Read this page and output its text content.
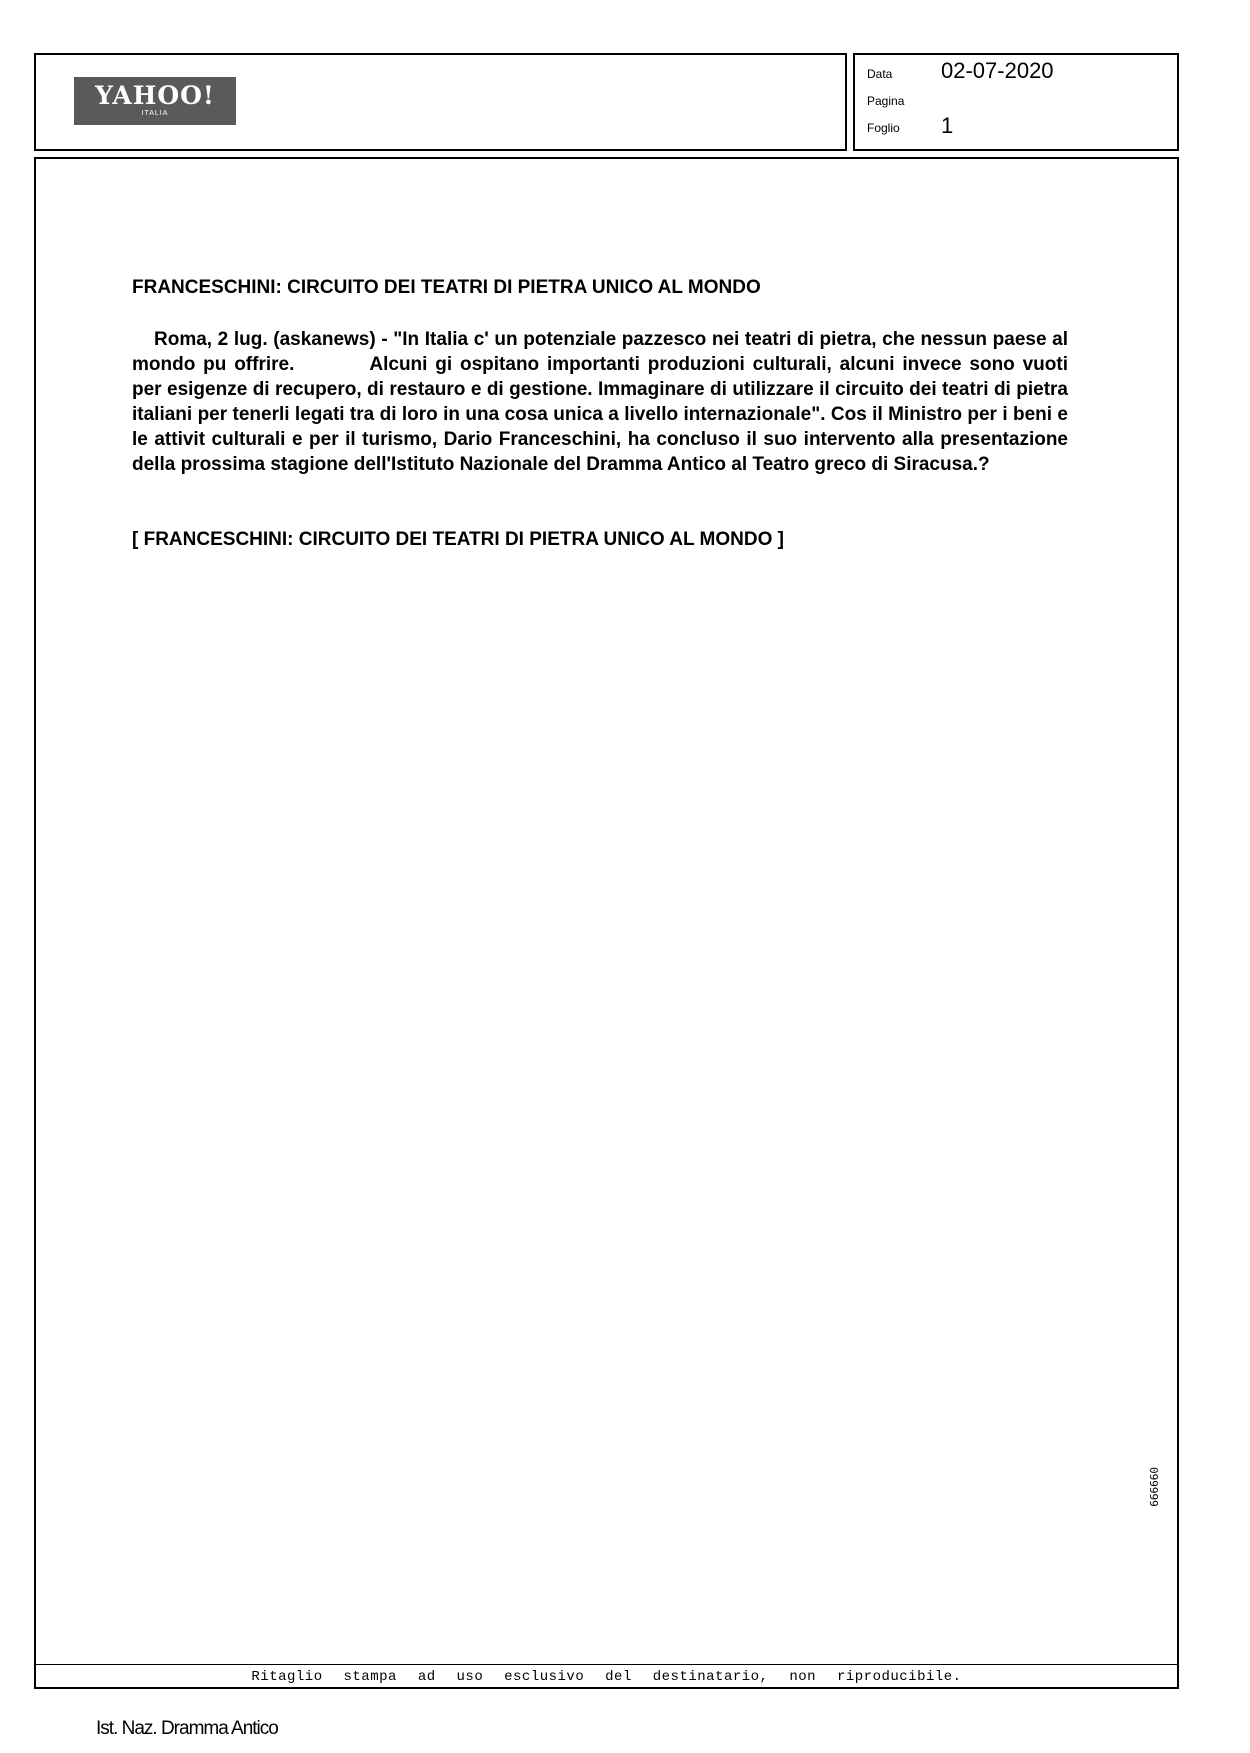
YAHOO!
ITALIA
Data 02-07-2020
Pagina
Foglio 1
FRANCESCHINI: CIRCUITO DEI TEATRI DI PIETRA UNICO AL MONDO
Roma, 2 lug. (askanews) - "In Italia c' un potenziale pazzesco nei teatri di pietra, che nessun paese al mondo pu offrire.	Alcuni gi ospitano importanti produzioni culturali, alcuni invece sono vuoti per esigenze di recupero, di restauro e di gestione. Immaginare di utilizzare il circuito dei teatri di pietra italiani per tenerli legati tra di loro in una cosa unica a livello internazionale". Cos il Ministro per i beni e le attivit culturali e per il turismo, Dario Franceschini, ha concluso il suo intervento alla presentazione della prossima stagione dell'Istituto Nazionale del Dramma Antico al Teatro greco di Siracusa.?
[ FRANCESCHINI: CIRCUITO DEI TEATRI DI PIETRA UNICO AL MONDO ]
099999
Ritaglio stampa ad uso esclusivo del destinatario, non riproducibile.
Ist. Naz. Dramma Antico
